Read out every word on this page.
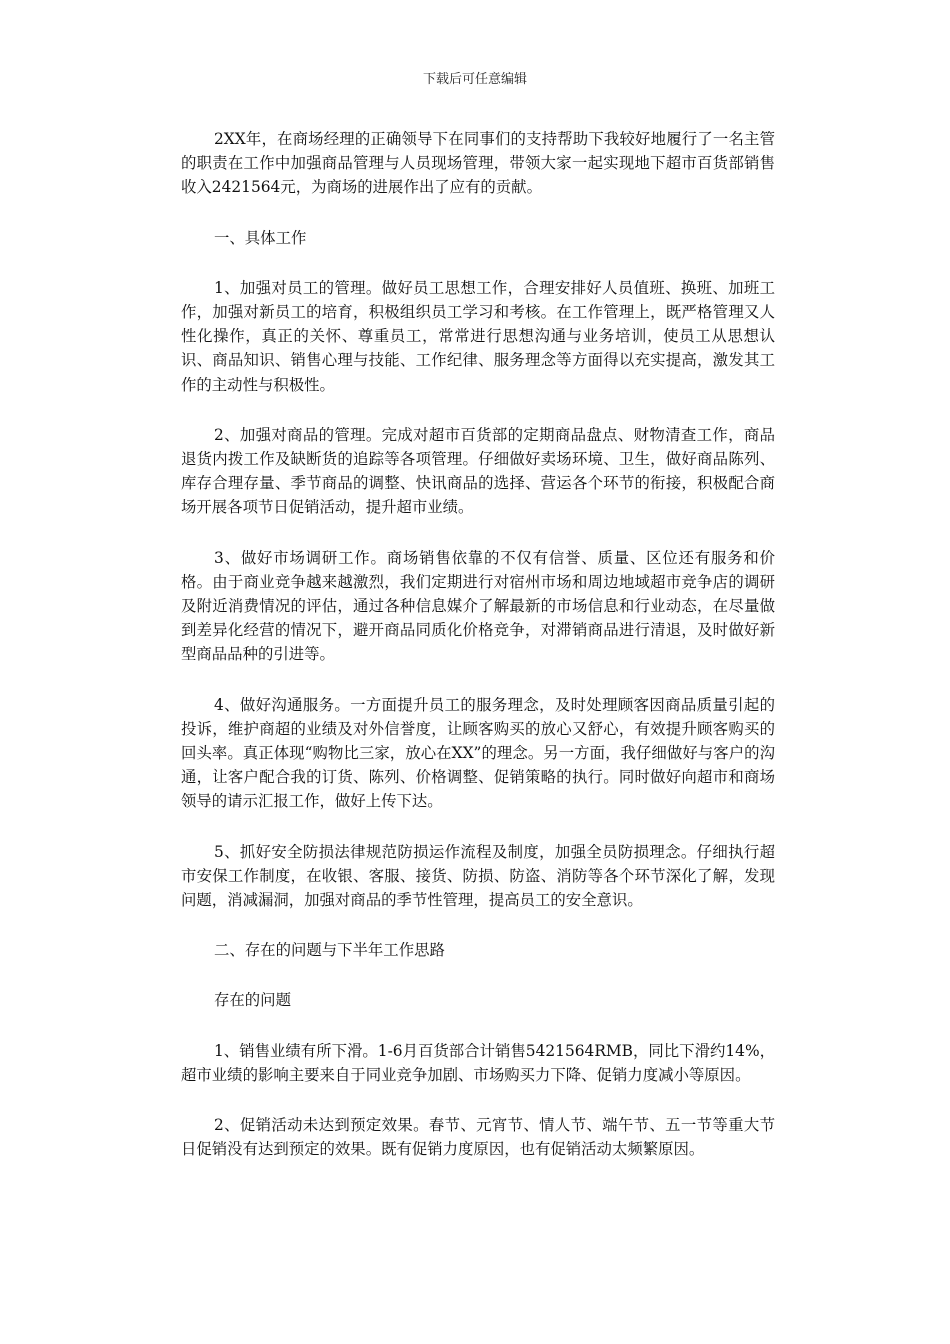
下载后可任意编辑

2XX年，在商场经理的正确领导下在同事们的支持帮助下我较好地履行了一名主管的职责在工作中加强商品管理与人员现场管理，带领大家一起实现地下超市百货部销售收入2421564元，为商场的进展作出了应有的贡献。

一、具体工作

1、加强对员工的管理。做好员工思想工作，合理安排好人员值班、换班、加班工作，加强对新员工的培育，积极组织员工学习和考核。在工作管理上，既严格管理又人性化操作，真正的关怀、尊重员工，常常进行思想沟通与业务培训，使员工从思想认识、商品知识、销售心理与技能、工作纪律、服务理念等方面得以充实提高，激发其工作的主动性与积极性。

2、加强对商品的管理。完成对超市百货部的定期商品盘点、财物清查工作，商品退货内拨工作及缺断货的追踪等各项管理。仔细做好卖场环境、卫生，做好商品陈列、库存合理存量、季节商品的调整、快讯商品的选择、营运各个环节的衔接，积极配合商场开展各项节日促销活动，提升超市业绩。

3、做好市场调研工作。商场销售依靠的不仅有信誉、质量、区位还有服务和价格。由于商业竞争越来越激烈，我们定期进行对宿州市场和周边地域超市竞争店的调研及附近消费情况的评估，通过各种信息媒介了解最新的市场信息和行业动态，在尽量做到差异化经营的情况下，避开商品同质化价格竞争，对滞销商品进行清退，及时做好新型商品品种的引进等。

4、做好沟通服务。一方面提升员工的服务理念，及时处理顾客因商品质量引起的投诉，维护商超的业绩及对外信誉度，让顾客购买的放心又舒心，有效提升顾客购买的回头率。真正体现“购物比三家，放心在XX”的理念。另一方面，我仔细做好与客户的沟通，让客户配合我的订货、陈列、价格调整、促销策略的执行。同时做好向超市和商场领导的请示汇报工作，做好上传下达。

5、抓好安全防损法律规范防损运作流程及制度，加强全员防损理念。仔细执行超市安保工作制度，在收银、客服、接货、防损、防盗、消防等各个环节深化了解，发现问题，消减漏洞，加强对商品的季节性管理，提高员工的安全意识。

二、存在的问题与下半年工作思路

存在的问题

1、销售业绩有所下滑。1-6月百货部合计销售5421564RMB，同比下滑约14%，超市业绩的影响主要来自于同业竞争加剧、市场购买力下降、促销力度减小等原因。

2、促销活动未达到预定效果。春节、元宵节、情人节、端午节、五一节等重大节日促销没有达到预定的效果。既有促销力度原因，也有促销活动太频繁原因。
